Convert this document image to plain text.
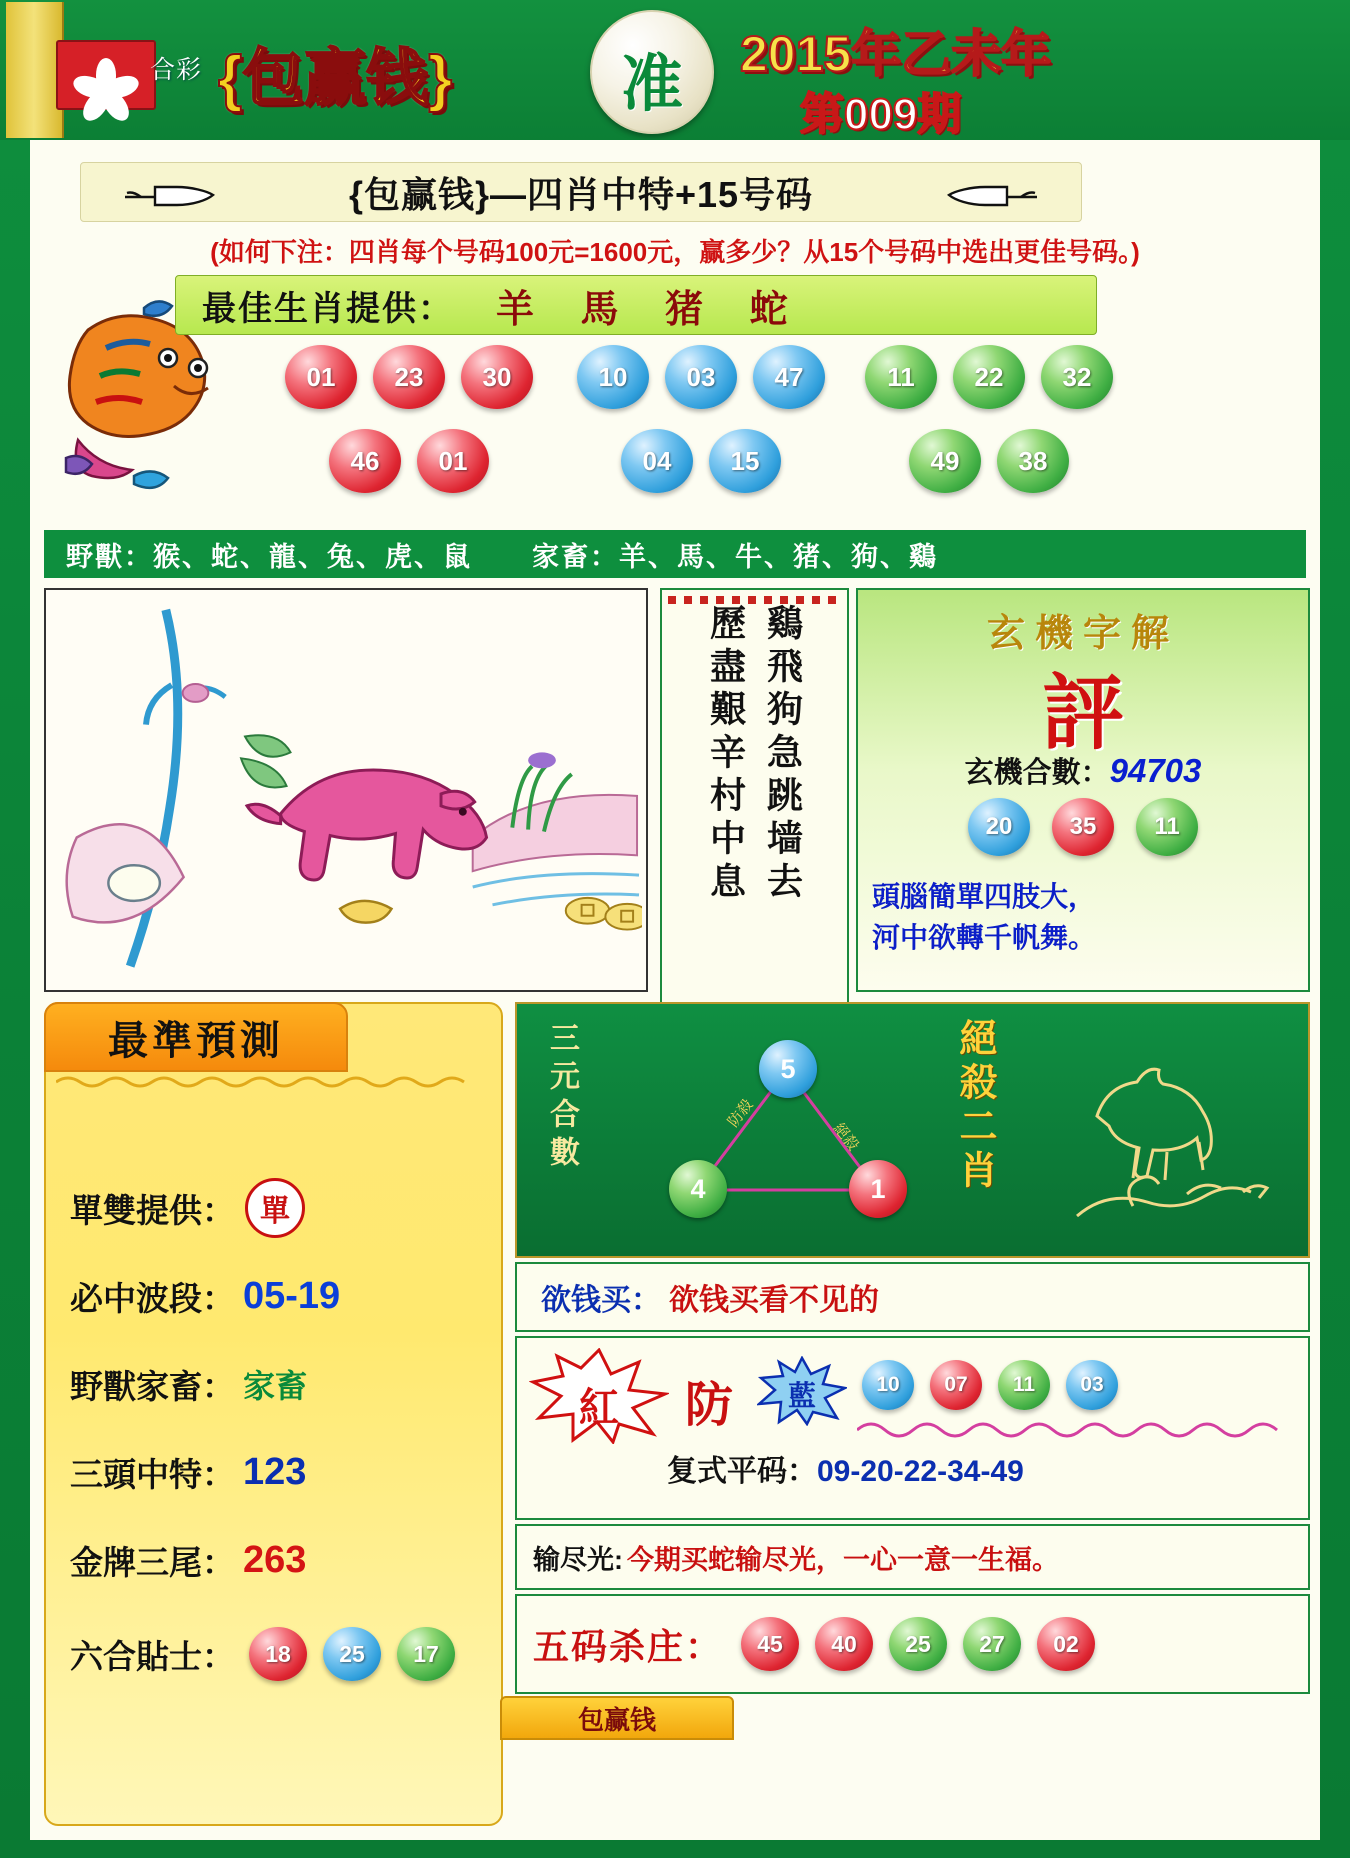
合彩 {包赢钱}	准	2015年乙未年
第009期
{包赢钱}—四肖中特+15号码
(如何下注：四肖每个号码100元=1600元，赢多少？从15个号码中选出更佳号码。)
最佳生肖提供： 羊 馬 猪 蛇
01	23	30	10	03	47	11	22	32
46	01	04	15	49	38
野獸：猴、蛇、龍、兔、虎、鼠 家畜：羊、馬、牛、猪、狗、鷄
鷄飛狗急跳墙去
歷盡艱辛村中息	玄機字解
評
玄機合數：94703
20	35	11
頭腦簡單四肢大，
河中欲轉千帆舞。
最準預測
單雙提供： 單
必中波段： 05-19
野獸家畜： 家畜
三頭中特： 123
金牌三尾： 263
六合貼士：	18	25	17
三元合數	絕殺二肖
防殺
絕殺
5
4	1
欲钱买： 欲钱买看不见的
紅	防	藍	10	07	11	03
复式平码：09-20-22-34-49
输尽光: 今期买蛇输尽光，一心一意一生福。
五码杀庄：	45	40	25	27	02
包赢钱
